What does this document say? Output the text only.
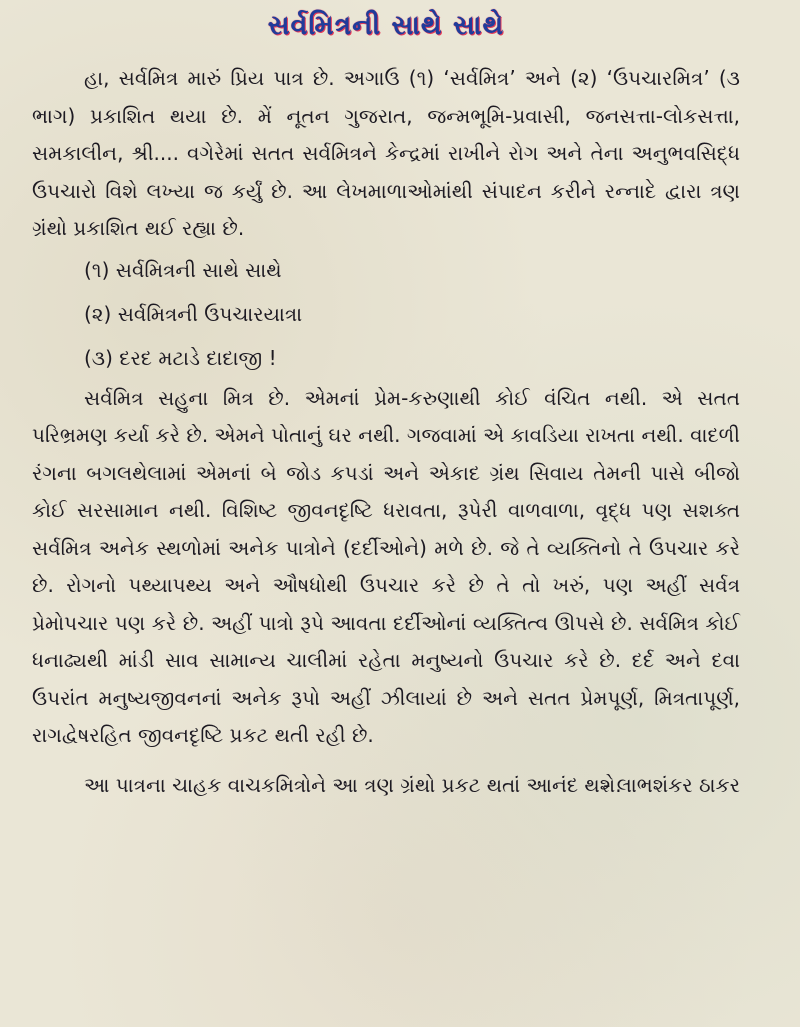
સર્વમિત્રની સાથે સાથે

હા, સર્વમિત્ર મારું પ્રિય પાત્ર છે. અગાઉ (૧) ‘સર્વમિત્ર’ અને (૨) ‘ઉપચારમિત્ર’ (૩ ભાગ) પ્રકાશિત થયા છે. મેં નૂતન ગુજરાત, જન્મભૂમિ-પ્રવાસી, જનસત્તા-લોકસત્તા, સમકાલીન, શ્રી.... વગેરેમાં સતત સર્વમિત્રને કેન્દ્રમાં રાખીને રોગ અને તેના અનુભવસિદ્ધ ઉપચારો વિશે લખ્યા જ કર્યું છે. આ લેખમાળાઓમાંથી સંપાદન કરીને રન્નાદે દ્વારા ત્રણ ગ્રંથો પ્રકાશિત થઈ રહ્યા છે.

(૧) સર્વમિત્રની સાથે સાથે
(૨) સર્વમિત્રની ઉપચારયાત્રા
(૩) દરદ મટાડે દાદાજી !

સર્વમિત્ર સહુના મિત્ર છે. એમનાં પ્રેમ-કરુણાથી કોઈ વંચિત નથી. એ સતત પરિભ્રમણ કર્યા કરે છે. એમને પોતાનું ઘર નથી. ગજવામાં એ કાવડિયા રાખતા નથી. વાદળી રંગના બગલથેલામાં એમનાં બે જોડ કપડાં અને એકાદ ગ્રંથ સિવાય તેમની પાસે બીજો કોઈ સરસામાન નથી. વિશિષ્ટ જીવનદૃષ્ટિ ધરાવતા, રૂપેરી વાળવાળા, વૃદ્ધ પણ સશક્ત સર્વમિત્ર અનેક સ્થળોમાં અનેક પાત્રોને (દર્દીઓને) મળે છે. જે તે વ્યક્તિનો તે ઉપચાર કરે છે. રોગનો પથ્યાપથ્ય અને ઔષધોથી ઉપચાર કરે છે તે તો ખરું, પણ અહીં સર્વત્ર પ્રેમોપચાર પણ કરે છે. અહીં પાત્રો રૂપે આવતા દર્દીઓનાં વ્યક્તિત્વ ઊપસે છે. સર્વમિત્ર કોઈ ધનાઢ્યથી માંડી સાવ સામાન્ય ચાલીમાં રહેતા મનુષ્યનો ઉપચાર કરે છે. દર્દ અને દવા ઉપરાંત મનુષ્યજીવનનાં અનેક રૂપો અહીં ઝીલાયાં છે અને સતત પ્રેમપૂર્ણ, મિત્રતાપૂર્ણ, રાગદ્વેષરહિત જીવનદૃષ્ટિ પ્રકટ થતી રહી છે.

આ પાત્રના ચાહક વાચકમિત્રોને આ ત્રણ ગ્રંથો પ્રકટ થતાં આનંદ થશે.

- લાભશંકર ઠાકર
